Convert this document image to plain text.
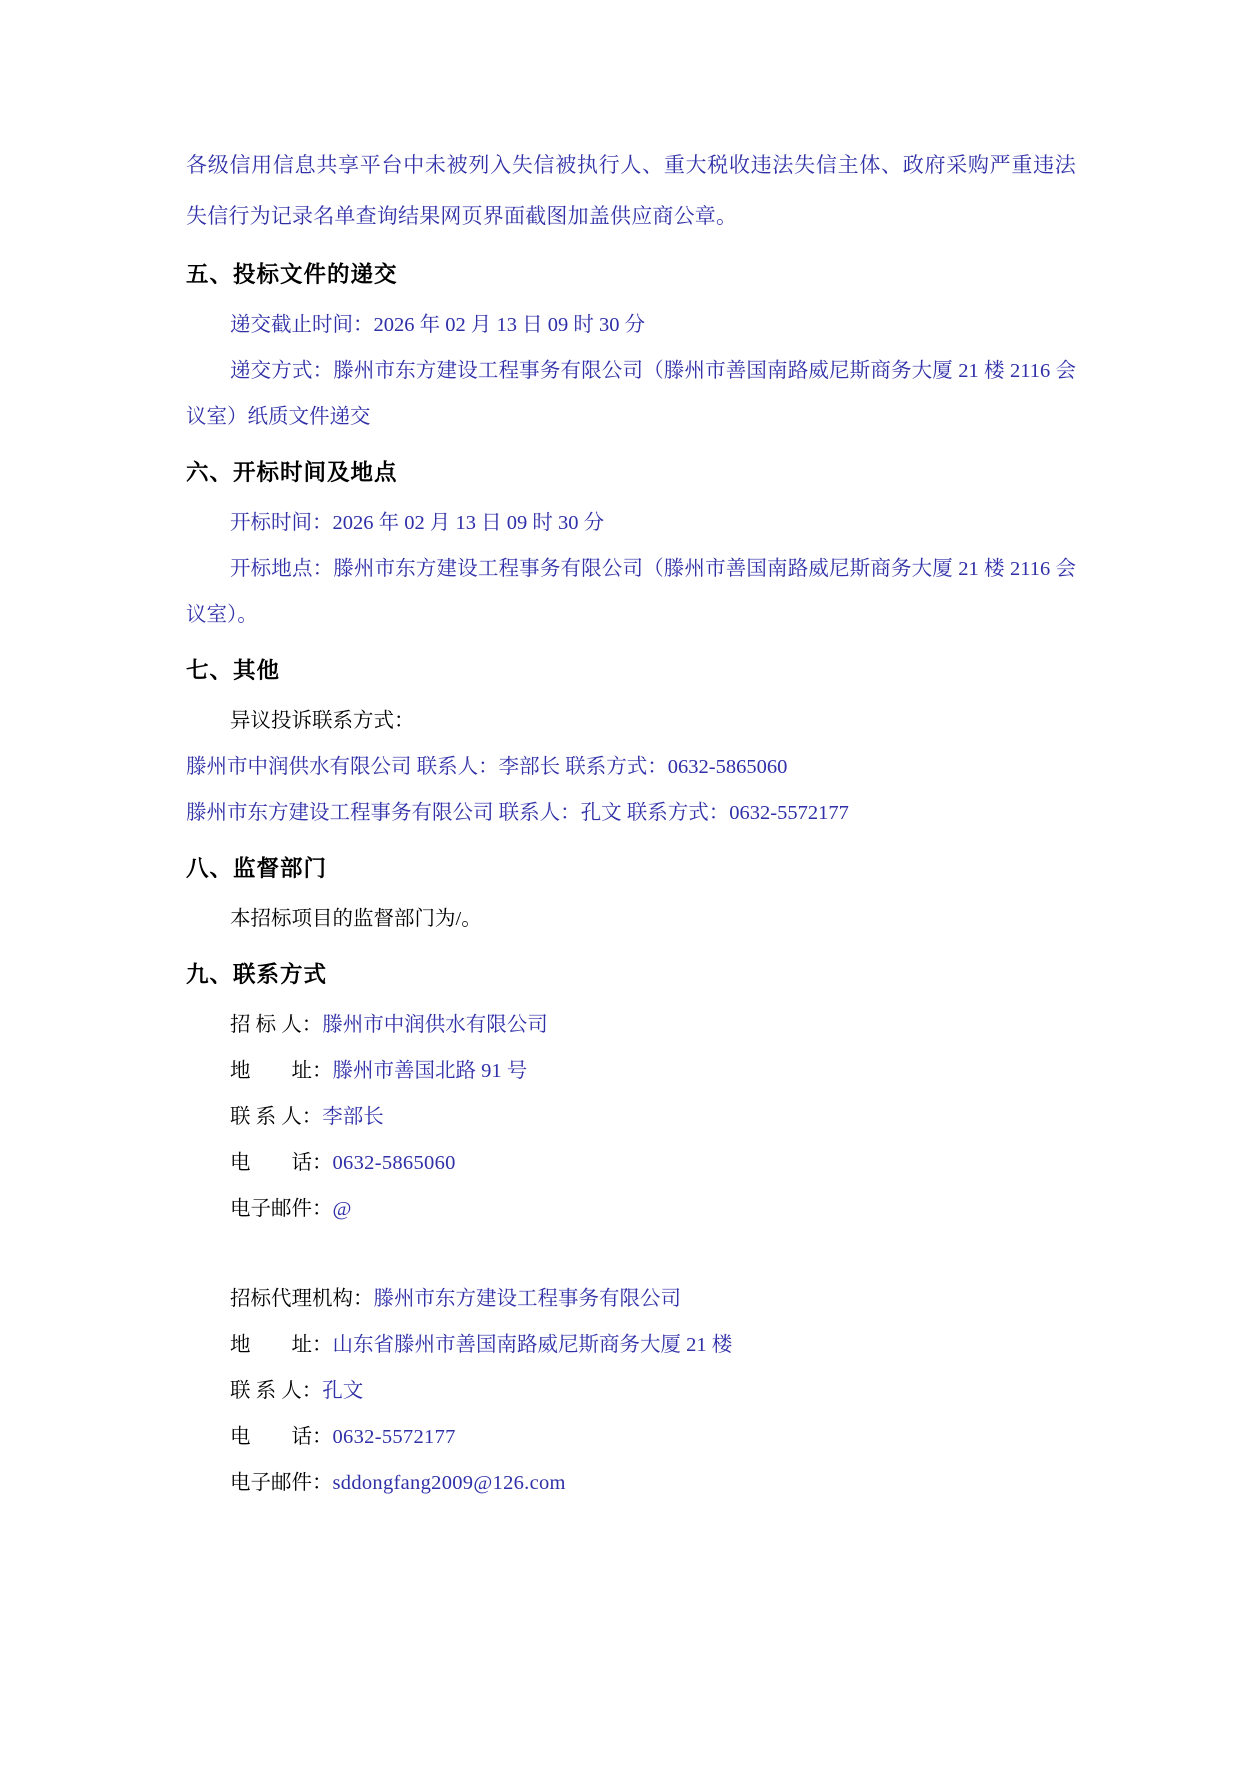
各级信用信息共享平台中未被列入失信被执行人、重大税收违法失信主体、政府采购严重违法失信行为记录名单查询结果网页界面截图加盖供应商公章。

五、投标文件的递交

递交截止时间：2026 年 02 月 13 日 09 时 30 分

递交方式：滕州市东方建设工程事务有限公司（滕州市善国南路威尼斯商务大厦 21 楼 2116 会议室）纸质文件递交

六、开标时间及地点

开标时间：2026 年 02 月 13 日 09 时 30 分

开标地点：滕州市东方建设工程事务有限公司（滕州市善国南路威尼斯商务大厦 21 楼 2116 会议室）。

七、其他

异议投诉联系方式：

滕州市中润供水有限公司 联系人：李部长 联系方式：0632-5865060

滕州市东方建设工程事务有限公司 联系人：孔文 联系方式：0632-5572177

八、监督部门

本招标项目的监督部门为/。

九、联系方式

招 标 人：滕州市中润供水有限公司

地　　址：滕州市善国北路 91 号

联 系 人：李部长

电　　话：0632-5865060

电子邮件：@

招标代理机构：滕州市东方建设工程事务有限公司

地　　址：山东省滕州市善国南路威尼斯商务大厦 21 楼

联 系 人：孔文

电　　话：0632-5572177

电子邮件：sddongfang2009@126.com
